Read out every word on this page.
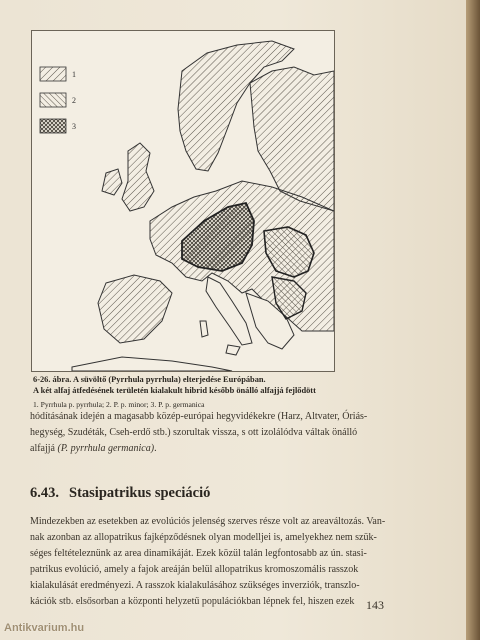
1
2
3
6-26. ábra. A süvöltő (Pyrrhula pyrrhula) elterjedése Európában.
A két alfaj átfedésének területén kialakult hibrid később önálló alfajjá fejlődött
1. Pyrrhula p. pyrrhula; 2. P. p. minor; 3. P. p. germanica
hódításának idején a magasabb közép-európai hegyvidékekre (Harz, Altvater, Óriás-
hegység, Szudéták, Cseh-erdő stb.) szorultak vissza, s ott izolálódva váltak önálló
alfajjá (P. pyrrhula germanica).
6.43. Stasipatrikus speciáció
Mindezekben az esetekben az evolúciós jelenség szerves része volt az areaváltozás. Van-
nak azonban az allopatrikus fajképződésnek olyan modelljei is, amelyekhez nem szük-
séges feltételeznünk az area dinamikáját. Ezek közül talán legfontosabb az ún. stasi-
patrikus evolúció, amely a fajok areáján belül allopatrikus kromoszomális rasszok
kialakulását eredményezi. A rasszok kialakulásához szükséges inverziók, transzlo-
kációk stb. elsősorban a központi helyzetű populációkban lépnek fel, hiszen ezek 143
Antikvarium.hu
